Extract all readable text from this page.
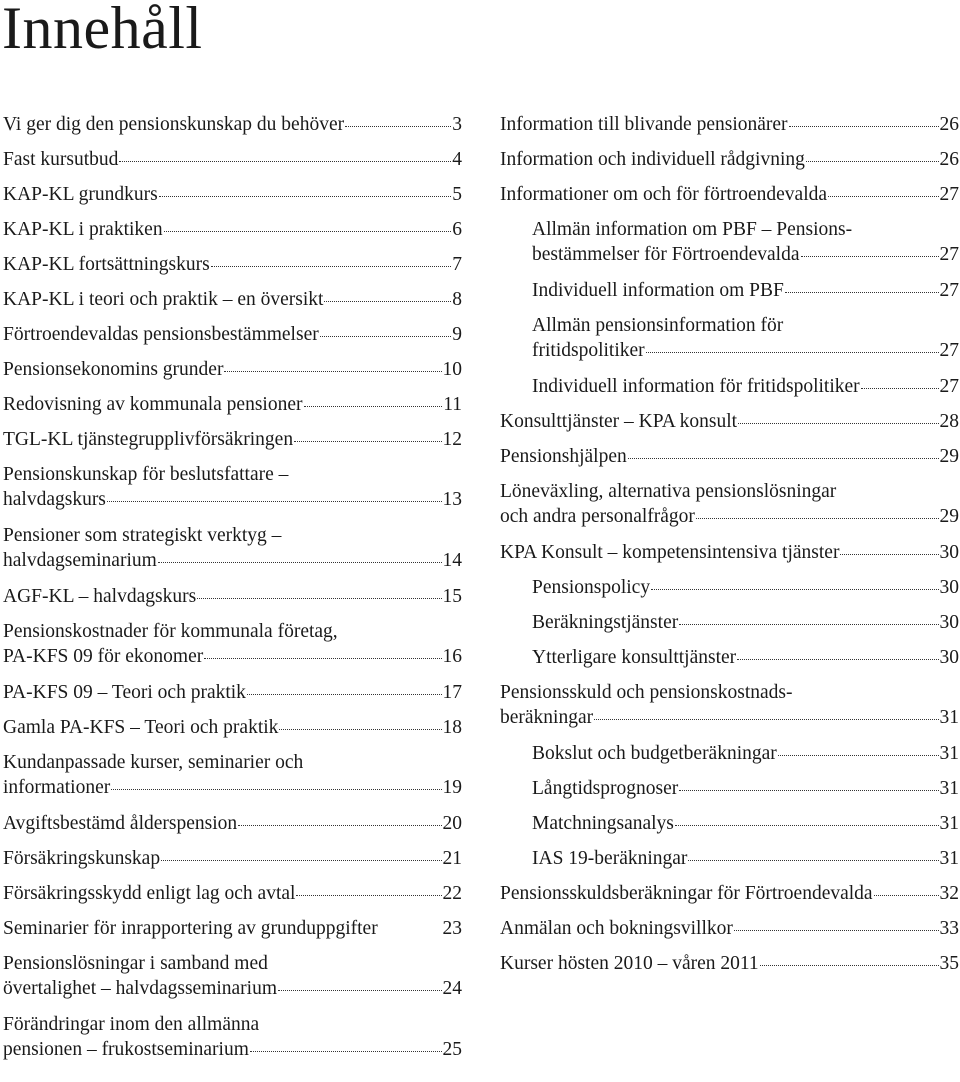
Innehåll
Vi ger dig den pensionskunskap du behöver	3
Fast kursutbud	4
KAP-KL grundkurs	5
KAP-KL i praktiken	6
KAP-KL fortsättningskurs	7
KAP-KL i teori och praktik – en översikt	8
Förtroendevaldas pensionsbestämmelser	9
Pensionsekonomins grunder	10
Redovisning av kommunala pensioner	11
TGL-KL tjänstegrupplivförsäkringen	12
Pensionskunskap för beslutsfattare –
halvdagskurs	13
Pensioner som strategiskt verktyg –
halvdagseminarium	14
AGF-KL – halvdagskurs	15
Pensionskostnader för kommunala företag,
PA-KFS 09 för ekonomer	16
PA-KFS 09 – Teori och praktik	17
Gamla PA-KFS – Teori och praktik	18
Kundanpassade kurser, seminarier och
informationer	19
Avgiftsbestämd ålderspension	20
Försäkringskunskap	21
Försäkringsskydd enligt lag och avtal	22
Seminarier för inrapportering av grunduppgifter	23
Pensionslösningar i samband med
övertalighet – halvdagsseminarium	24
Förändringar inom den allmänna
pensionen – frukostseminarium	25
Information till blivande pensionärer	26
Information och individuell rådgivning	26
Informationer om och för förtroendevalda	27
Allmän information om PBF – Pensions-
bestämmelser för Förtroendevalda	27
Individuell information om PBF	27
Allmän pensionsinformation för
fritidspolitiker	27
Individuell information för fritidspolitiker	27
Konsulttjänster – KPA konsult	28
Pensionshjälpen	29
Löneväxling, alternativa pensionslösningar
och andra personalfrågor	29
KPA Konsult – kompetensintensiva tjänster	30
Pensionspolicy	30
Beräkningstjänster	30
Ytterligare konsulttjänster	30
Pensionsskuld och pensionskostnads-
beräkningar	31
Bokslut och budgetberäkningar	31
Långtidsprognoser	31
Matchningsanalys	31
IAS 19-beräkningar	31
Pensionsskuldsberäkningar för Förtroendevalda	32
Anmälan och bokningsvillkor	33
Kurser hösten 2010 – våren 2011	35
